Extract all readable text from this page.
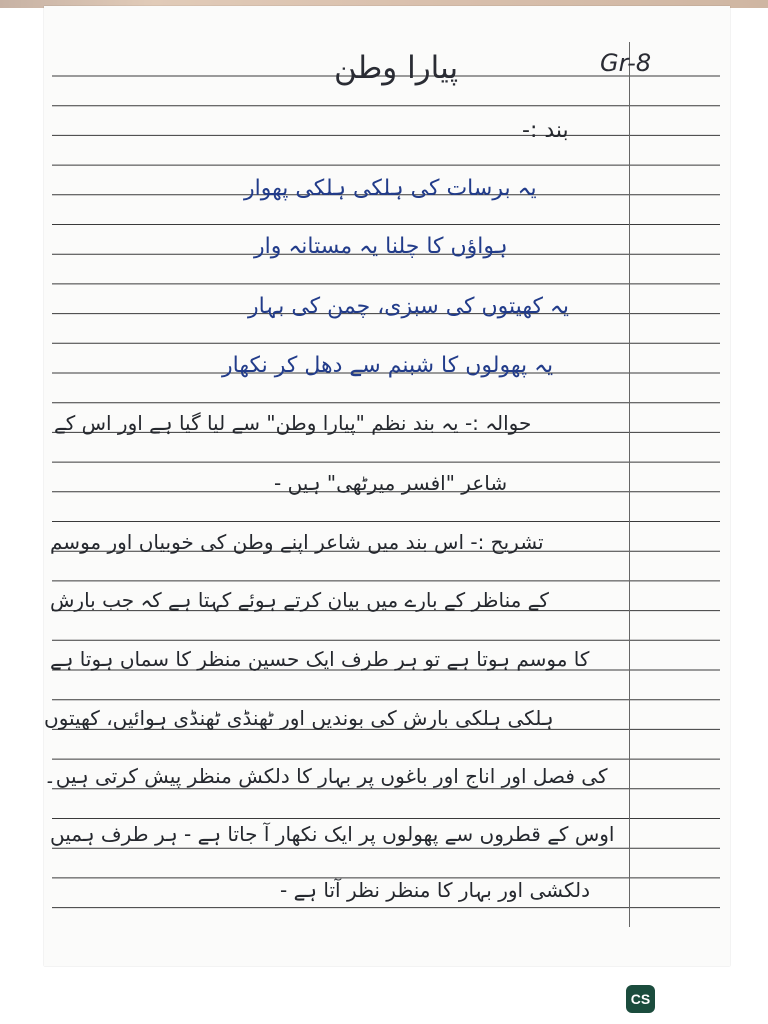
پیارا وطن	Gr-8
بند :-
یہ برسات کی ہلکی ہلکی پھوار
ہواؤں کا چلنا یہ مستانہ وار
یہ کھیتوں کی سبزی، چمن کی بہار
یہ پھولوں کا شبنم سے دھل کر نکھار
حوالہ :- یہ بند نظم "پیارا وطن" سے لیا گیا ہے اور اس کے
شاعر "افسر میرٹھی" ہیں -
تشریح :- اس بند میں شاعر اپنے وطن کی خوبیاں اور موسم
کے مناظر کے بارے میں بیان کرتے ہوئے کہتا ہے کہ جب بارش
کا موسم ہوتا ہے تو ہر طرف ایک حسین منظر کا سماں ہوتا ہے
ہلکی ہلکی بارش کی بوندیں اور ٹھنڈی ٹھنڈی ہوائیں، کھیتوں
کی فصل اور اناج اور باغوں پر بہار کا دلکش منظر پیش کرتی ہیں۔
اوس کے قطروں سے پھولوں پر ایک نکھار آ جاتا ہے - ہر طرف ہمیں
دلکشی اور بہار کا منظر نظر آتا ہے -
CS
